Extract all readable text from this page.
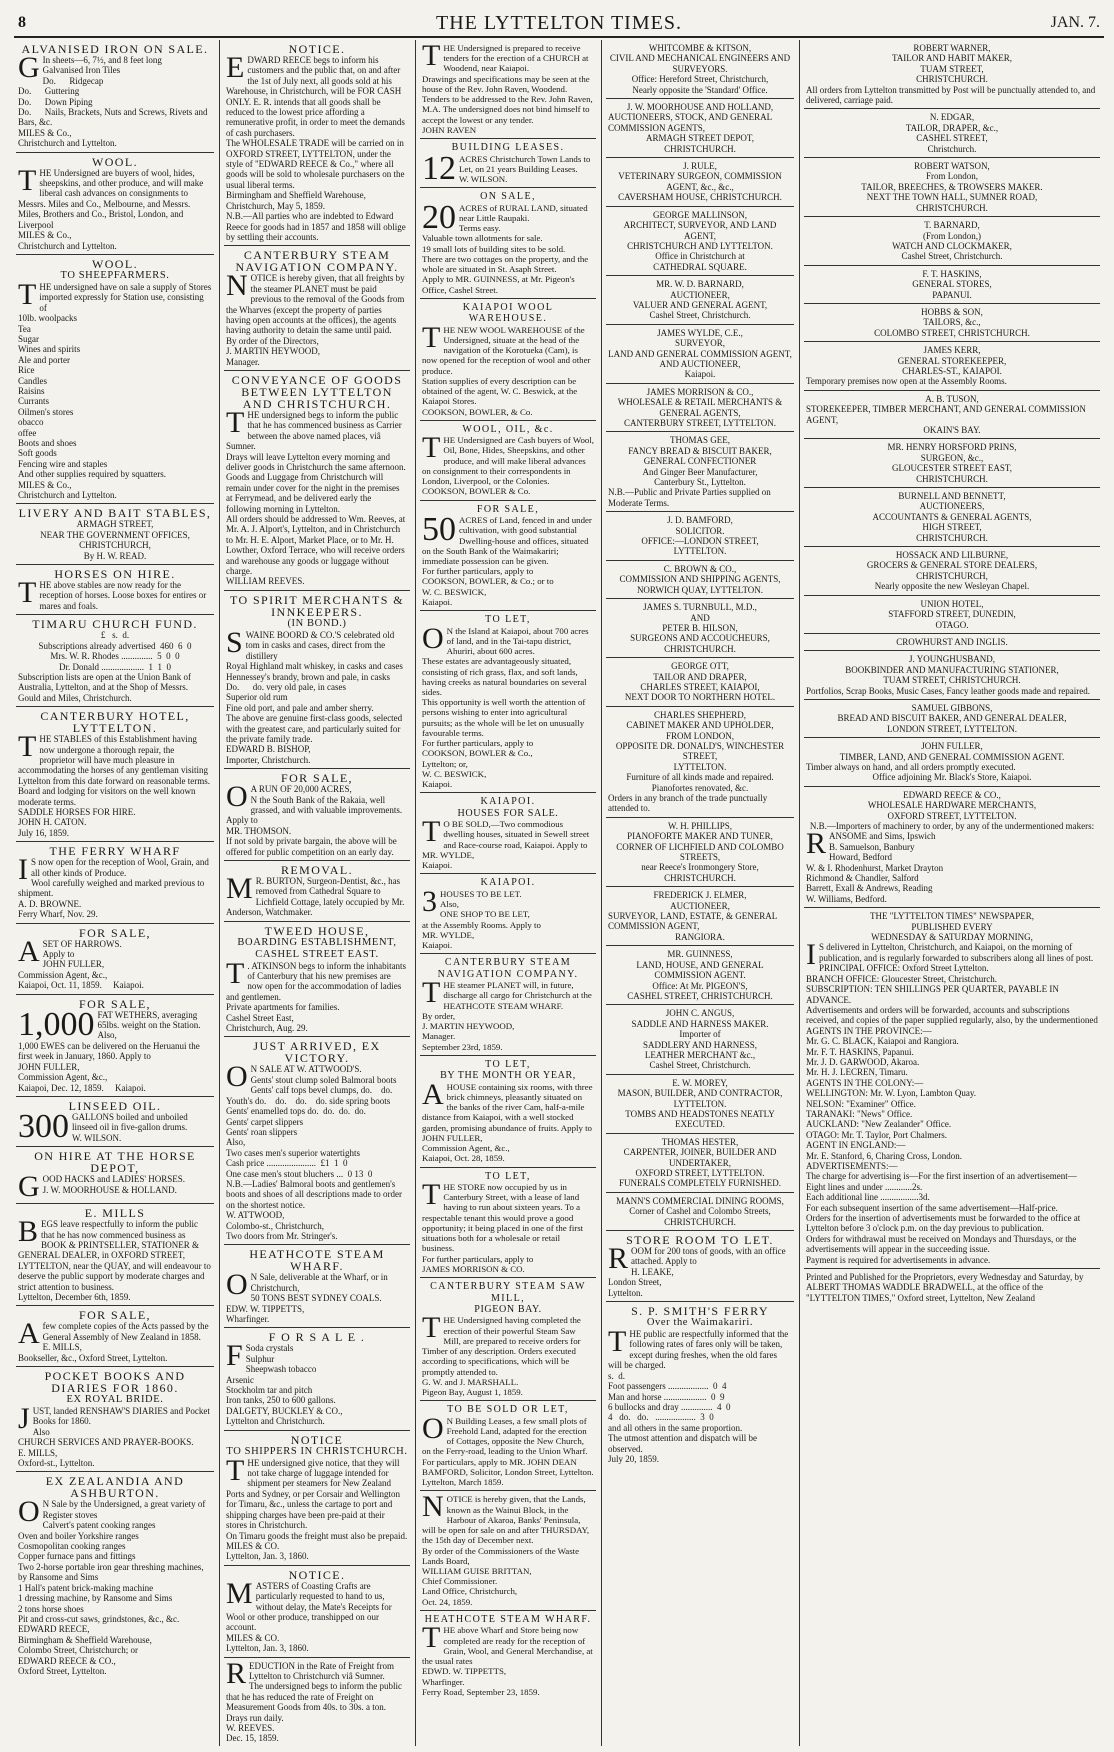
8	THE LYTTELTON TIMES.	JAN. 7.
ALVANISED IRON ON SALE.

G In sheets—6, 7½, and 8 feet long

Galvanised Iron Tiles

Do.      Ridgecap

Do.      Guttering

Do.      Down Piping

Do.      Nails, Brackets, Nuts and Screws, Rivets and Bars, &c.

MILES & Co.,

Christchurch and Lyttelton.

WOOL.

THE Undersigned are buyers of wool, hides, sheepskins, and other produce, and will make liberal cash advances on consignments to Messrs. Miles and Co., Melbourne, and Messrs. Miles, Brothers and Co., Bristol, London, and Liverpool

MILES & Co.,

Christchurch and Lyttelton.

WOOL.
TO SHEEPFARMERS.

THE undersigned have on sale a supply of Stores imported expressly for Station use, consisting of

10lb. woolpacks

Tea

Sugar

Wines and spirits

Ale and porter

Rice

Candles

Raisins

Currants

Oilmen's stores

obacco

offee

Boots and shoes

Soft goods

Fencing wire and staples

And other supplies required by squatters.

MILES & Co.,

Christchurch and Lyttelton.

LIVERY AND BAIT STABLES,

ARMAGH STREET,

NEAR THE GOVERNMENT OFFICES,

CHRISTCHURCH,

By H. W. READ.

HORSES ON HIRE.

THE above stables are now ready for the reception of horses. Loose boxes for entires or mares and foals.

TIMARU CHURCH FUND.

£   s.  d.

Subscriptions already advertised  460  6  0

Mrs. W. R. Rhodes ..............  5  0  0

Dr. Donald ...................  1  1  0

Subscription lists are open at the Union Bank of Australia, Lyttelton, and at the Shop of Messrs. Gould and Miles, Christchurch.

CANTERBURY HOTEL, LYTTELTON.

THE STABLES of this Establishment having now undergone a thorough repair, the proprietor will have much pleasure in accommodating the horses of any gentleman visiting Lyttelton from this date forward on reasonable terms. Board and lodging for visitors on the well known moderate terms.

SADDLE HORSES FOR HIRE.

JOHN H. CATON.

July 16, 1859.

THE FERRY WHARF

I S now open for the reception of Wool, Grain, and all other kinds of Produce.

Wool carefully weighed and marked previous to shipment.

A. D. BROWNE.

Ferry Wharf, Nov. 29.

FOR SALE,

ASET OF HARROWS.

Apply to

JOHN FULLER,

Commission Agent, &c.,

Kaiapoi, Oct. 11, 1859.     Kaiapoi.

FOR SALE,

1,000 FAT WETHERS, averaging 65lbs. weight on the Station.

Also,

1,000 EWES can be delivered on the Heruanui the first week in January, 1860. Apply to

JOHN FULLER,

Commission Agent, &c.,

Kaiapoi, Dec. 12, 1859.     Kaiapoi.

LINSEED OIL.

300 GALLONS boiled and unboiled linseed oil in five-gallon drums.

W. WILSON.

ON HIRE AT THE HORSE DEPOT,

GOOD HACKS and LADIES' HORSES.

J. W. MOORHOUSE & HOLLAND.

E. MILLS

BEGS leave respectfully to inform the public that he has now commenced business as BOOK & PRINTSELLER, STATIONER & GENERAL DEALER, in OXFORD STREET, LYTTELTON, near the QUAY, and will endeavour to deserve the public support by moderate charges and strict attention to business.

Lyttelton, December 6th, 1859.

FOR SALE,

Afew complete copies of the Acts passed by the General Assembly of New Zealand in 1858.

E. MILLS,

Bookseller, &c., Oxford Street, Lyttelton.

POCKET BOOKS AND DIARIES FOR 1860.
EX ROYAL BRIDE.

JUST, landed RENSHAW'S DIARIES and Pocket Books for 1860.

Also

CHURCH SERVICES AND PRAYER-BOOKS.

E. MILLS,

Oxford-st., Lyttelton.

EX ZEALANDIA AND ASHBURTON.

O N Sale by the Undersigned, a great variety of

Register stoves

Calvert's patent cooking ranges

Oven and boiler Yorkshire ranges

Cosmopolitan cooking ranges

Copper furnace pans and fittings

Two 2-horse portable iron gear threshing machines, by Ransome and Sims

1 Hall's patent brick-making machine

1 dressing machine, by Ransome and Sims

2 tons horse shoes

Pit and cross-cut saws, grindstones, &c., &c.

EDWARD REECE,

Birmingham & Sheffield Warehouse,

Colombo Street, Christchurch; or

EDWARD REECE & CO.,

Oxford Street, Lyttelton.

NOTICE.

EDWARD REECE begs to inform his customers and the public that, on and after the 1st of July next, all goods sold at his Warehouse, in Christchurch, will be FOR CASH ONLY. E. R. intends that all goods shall be reduced to the lowest price affording a remunerative profit, in order to meet the demands of cash purchasers.

The WHOLESALE TRADE will be carried on in OXFORD STREET, LYTTELTON, under the style of "EDWARD REECE & Co.," where all goods will be sold to wholesale purchasers on the usual liberal terms.

Birmingham and Sheffield Warehouse,

Christchurch, May 5, 1859.

N.B.—All parties who are indebted to Edward Reece for goods had in 1857 and 1858 will oblige by settling their accounts.

CANTERBURY STEAM NAVIGATION COMPANY.

NOTICE is hereby given, that all freights by the steamer PLANET must be paid previous to the removal of the Goods from the Wharves (except the property of parties having open accounts at the offices), the agents having authority to detain the same until paid.

By order of the Directors,

J. MARTIN HEYWOOD,

Manager.

CONVEYANCE OF GOODS BETWEEN LYTTELTON AND CHRISTCHURCH.

THE undersigned begs to inform the public that he has commenced business as Carrier between the above named places, viâ Sumner.

Drays will leave Lyttelton every morning and deliver goods in Christchurch the same afternoon.

Goods and Luggage from Christchurch will remain under cover for the night in the premises at Ferrymead, and be delivered early the following morning in Lyttelton.

All orders should be addressed to Wm. Reeves, at Mr. A. J. Alport's, Lyttelton, and in Christchurch to Mr. H. E. Alport, Market Place, or to Mr. H. Lowther, Oxford Terrace, who will receive orders and warehouse any goods or luggage without charge.

WILLIAM REEVES.

TO SPIRIT MERCHANTS & INNKEEPERS.
(IN BOND.)

SWAINE BOORD & CO.'S celebrated old tom in casks and cases, direct from the distillery

Royal Highland malt whiskey, in casks and cases

Hennessey's brandy, brown and pale, in casks

Do.      do. very old pale, in cases

Superior old rum

Fine old port, and pale and amber sherry.

The above are genuine first-class goods, selected with the greatest care, and particularly suited for the private family trade.

EDWARD B. BISHOP,

Importer, Christchurch.

FOR SALE,

O A RUN OF 20,000 ACRES,

N the South Bank of the Rakaia, well grassed, and with valuable improvements. Apply to

MR. THOMSON.

If not sold by private bargain, the above will be offered for public competition on an early day.

REMOVAL.

M R. BURTON, Surgeon-Dentist, &c., has removed from Cathedral Square to Lichfield Cottage, lately occupied by Mr. Anderson, Watchmaker.

TWEED HOUSE,
BOARDING ESTABLISHMENT, CASHEL STREET EAST.

T . ATKINSON begs to inform the inhabitants of Canterbury that his new premises are now open for the accommodation of ladies and gentlemen.

Private apartments for families.

Cashel Street East,

Christchurch, Aug. 29.

JUST ARRIVED, EX VICTORY.

O N SALE AT W. ATTWOOD'S.

Gents' stout clump soled Balmoral boots

Gents' calf tops bevel clumps, do.    do.

Youth's do.    do.    do.    do. side spring boots

Gents' enamelled tops do.  do.  do.  do.

Gents' carpet slippers

Gents' roan slippers

Also,

Two cases men's superior watertights

Cash price ......................  £1  1  0

One case men's stout bluchers ...  0 13  0

N.B.—Ladies' Balmoral boots and gentlemen's boots and shoes of all descriptions made to order on the shortest notice.

W. ATTWOOD,

Colombo-st., Christchurch,

Two doors from Mr. Stringer's.

HEATHCOTE STEAM WHARF.

O N Sale, deliverable at the Wharf, or in Christchurch,

50 TONS BEST SYDNEY COALS.

EDW. W. TIPPETTS,

Wharfinger.

F O R S A L E .

F Soda crystals

Sulphur

Sheepwash tobacco

Arsenic

Stockholm tar and pitch

Iron tanks, 250 to 600 gallons.

DALGETY, BUCKLEY & CO.,

Lyttelton and Christchurch.

NOTICE
TO SHIPPERS IN CHRISTCHURCH.

THE undersigned give notice, that they will not take charge of luggage intended for shipment per steamers for New Zealand Ports and Sydney, or per Corsair and Wellington for Timaru, &c., unless the cartage to port and shipping charges have been pre-paid at their stores in Christchurch.

On Timaru goods the freight must also be prepaid.

MILES & CO.

Lyttelton, Jan. 3, 1860.

NOTICE.

MASTERS of Coasting Crafts are particularly requested to hand to us, without delay, the Mate's Receipts for Wool or other produce, transhipped on our account.

MILES & CO.

Lyttelton, Jan. 3, 1860.

REDUCTION in the Rate of Freight from Lyttelton to Christchurch viâ Sumner.

The undersigned begs to inform the public that he has reduced the rate of Freight on Measurement Goods from 40s. to 30s. a ton. Drays run daily.

W. REEVES.

Dec. 15, 1859.

THE Undersigned is prepared to receive tenders for the erection of a CHURCH at Woodend, near Kaiapoi.

Drawings and specifications may be seen at the house of the Rev. John Raven, Woodend. Tenders to be addressed to the Rev. John Raven, M.A. The undersigned does not bind himself to accept the lowest or any tender.

JOHN RAVEN

BUILDING LEASES.

12 ACRES Christchurch Town Lands to Let, on 21 years Building Leases.

W. WILSON.

ON SALE,

20 ACRES of RURAL LAND, situated near Little Raupaki.

Terms easy.

Valuable town allotments for sale.

19 small lots of building sites to be sold.

There are two cottages on the property, and the whole are situated in St. Asaph Street.

Apply to MR. GUINNESS, at Mr. Pigeon's Office, Cashel Street.

KAIAPOI WOOL WAREHOUSE.

THE NEW WOOL WAREHOUSE of the Undersigned, situate at the head of the navigation of the Korotueka (Cam), is now opened for the reception of wool and other produce.

Station supplies of every description can be obtained of the agent, W. C. Beswick, at the Kaiapoi Stores.

COOKSON, BOWLER, & Co.

WOOL, OIL, &c.

THE Undersigned are Cash buyers of Wool, Oil, Bone, Hides, Sheepskins, and other produce, and will make liberal advances on consignment to their correspondents in London, Liverpool, or the Colonies.

COOKSON, BOWLER & Co.

FOR SALE,

50 ACRES of Land, fenced in and under cultivation, with good substantial Dwelling-house and offices, situated on the South Bank of the Waimakariri; immediate possession can be given.

For further particulars, apply to

COOKSON, BOWLER, & Co.; or to

W. C. BESWICK,

Kaiapoi.

TO LET,

O N the Island at Kaiapoi, about 700 acres of land, and in the Tai-tapu district, Ahuriri, about 600 acres.

These estates are advantageously situated, consisting of rich grass, flax, and soft lands, having creeks as natural boundaries on several sides.

This opportunity is well worth the attention of persons wishing to enter into agricultural pursuits; as the whole will be let on unusually favourable terms.

For further particulars, apply to

COOKSON, BOWLER & Co.,

Lyttelton; or,

W. C. BESWICK,

Kaiapoi.

KAIAPOI.
HOUSES FOR SALE.

T O BE SOLD,—Two commodious dwelling houses, situated in Sewell street and Race-course road, Kaiapoi. Apply to

MR. WYLDE,

Kaiapoi.

KAIAPOI.

3 HOUSES TO BE LET.

Also,

ONE SHOP TO BE LET,

at the Assembly Rooms. Apply to

MR. WYLDE,

Kaiapoi.

CANTERBURY STEAM NAVIGATION COMPANY.

THE steamer PLANET will, in future, discharge all cargo for Christchurch at the HEATHCOTE STEAM WHARF.

By order,

J. MARTIN HEYWOOD,

Manager.

September 23rd, 1859.

TO LET,
BY THE MONTH OR YEAR,

AHOUSE containing six rooms, with three brick chimneys, pleasantly situated on the banks of the river Cam, half-a-mile distance from Kaiapoi, with a well stocked garden, promising abundance of fruits. Apply to

JOHN FULLER,

Commission Agent, &c.,

Kaiapoi, Oct. 28, 1859.

TO LET,

THE STORE now occupied by us in Canterbury Street, with a lease of land having to run about sixteen years. To a respectable tenant this would prove a good opportunity; it being placed in one of the first situations both for a wholesale or retail business.

For further particulars, apply to

JAMES MORRISON & CO.

CANTERBURY STEAM SAW MILL,
PIGEON BAY.

THE Undersigned having completed the erection of their powerful Steam Saw Mill, are prepared to receive orders for Timber of any description. Orders executed according to specifications, which will be promptly attended to.

G. W. and J. MARSHALL.

Pigeon Bay, August 1, 1859.

TO BE SOLD OR LET,

O N Building Leases, a few small plots of Freehold Land, adapted for the erection of Cottages, opposite the New Church, on the Ferry-road, leading to the Union Wharf.

For particulars, apply to MR. JOHN DEAN BAMFORD, Solicitor, London Street, Lyttelton.

Lyttelton, March 1859.

NOTICE is hereby given, that the Lands, known as the Wainui Block, in the Harbour of Akaroa, Banks' Peninsula, will be open for sale on and after THURSDAY, the 15th day of December next.

By order of the Commissioners of the Waste Lands Board,

WILLIAM GUISE BRITTAN,

Chief Commissioner.

Land Office, Christchurch,

Oct. 24, 1859.

HEATHCOTE STEAM WHARF.

THE above Wharf and Store being now completed are ready for the reception of Grain, Wool, and General Merchandise, at the usual rates

EDWD. W. TIPPETTS,

Wharfinger.

Ferry Road, September 23, 1859.

WHITCOMBE & KITSON,

CIVIL AND MECHANICAL ENGINEERS AND SURVEYORS.

Office: Hereford Street, Christchurch,

Nearly opposite the 'Standard' Office.

J. W. MOORHOUSE AND HOLLAND,

AUCTIONEERS, STOCK, AND GENERAL COMMISSION AGENTS,

ARMAGH STREET DEPOT,

CHRISTCHURCH.

J. RULE,

VETERINARY SURGEON, COMMISSION AGENT, &c., &c.,

CAVERSHAM HOUSE, CHRISTCHURCH.

GEORGE MALLINSON,

ARCHITECT, SURVEYOR, AND LAND AGENT,

CHRISTCHURCH AND LYTTELTON.

Office in Christchurch at

CATHEDRAL SQUARE.

MR. W. D. BARNARD,

AUCTIONEER,

VALUER AND GENERAL AGENT,

Cashel Street, Christchurch.

JAMES WYLDE, C.E.,

SURVEYOR,

LAND AND GENERAL COMMISSION AGENT,

AND AUCTIONEER,

Kaiapoi.

JAMES MORRISON & CO.,

WHOLESALE & RETAIL MERCHANTS & GENERAL AGENTS,

CANTERBURY STREET, LYTTELTON.

THOMAS GEE,

FANCY BREAD & BISCUIT BAKER,

GENERAL CONFECTIONER

And Ginger Beer Manufacturer,

Canterbury St., Lyttelton.

N.B.—Public and Private Parties supplied on Moderate Terms.

J. D. BAMFORD,

SOLICITOR.

OFFICE:—LONDON STREET,

LYTTELTON.

C. BROWN & CO.,

COMMISSION AND SHIPPING AGENTS,

NORWICH QUAY, LYTTELTON.

JAMES S. TURNBULL, M.D.,

AND

PETER B. HILSON,

SURGEONS AND ACCOUCHEURS,

CHRISTCHURCH.

GEORGE OTT,

TAILOR AND DRAPER,

CHARLES STREET, KAIAPOI,

NEXT DOOR TO NORTHERN HOTEL.

CHARLES SHEPHERD,

CABINET MAKER AND UPHOLDER,

FROM LONDON,

OPPOSITE DR. DONALD'S, WINCHESTER STREET,

LYTTELTON.

Furniture of all kinds made and repaired.

Pianofortes renovated, &c.

Orders in any branch of the trade punctually attended to.

W. H. PHILLIPS,

PIANOFORTE MAKER AND TUNER,

CORNER OF LICHFIELD AND COLOMBO STREETS,

near Reece's Ironmongery Store,

CHRISTCHURCH.

FREDERICK J. ELMER,

AUCTIONEER,

SURVEYOR, LAND, ESTATE, & GENERAL COMMISSION AGENT,

RANGIORA.

MR. GUINNESS,

LAND, HOUSE, AND GENERAL COMMISSION AGENT.

Office: At Mr. PIGEON'S,

CASHEL STREET, CHRISTCHURCH.

JOHN C. ANGUS,

SADDLE AND HARNESS MAKER.

Importer of

SADDLERY AND HARNESS,

LEATHER MERCHANT &c.,

Cashel Street, Christchurch.

E. W. MOREY,

MASON, BUILDER, AND CONTRACTOR,

LYTTELTON.

TOMBS AND HEADSTONES NEATLY EXECUTED.

THOMAS HESTER,

CARPENTER, JOINER, BUILDER AND UNDERTAKER,

OXFORD STREET, LYTTELTON.

FUNERALS COMPLETELY FURNISHED.

MANN'S COMMERCIAL DINING ROOMS,

Corner of Cashel and Colombo Streets,

CHRISTCHURCH.

STORE ROOM TO LET.

ROOM for 200 tons of goods, with an office attached. Apply to

H. LEAKE,

London Street,

Lyttelton.

S. P. SMITH'S FERRY
Over the Waimakariri.

THE public are respectfully informed that the following rates of fares only will be taken, except during freshes, when the old fares will be charged.

s.  d.

Foot passengers ..................  0  4

Man and horse ...................  0  9

6 bullocks and dray ..............  4  0

4   do.   do.   ..................  3  0

and all others in the same proportion.

The utmost attention and dispatch will be observed.

July 20, 1859.

ROBERT WARNER,

TAILOR AND HABIT MAKER,

TUAM STREET,

CHRISTCHURCH.

All orders from Lyttelton transmitted by Post will be punctually attended to, and delivered, carriage paid.

N. EDGAR,

TAILOR, DRAPER, &c.,

CASHEL STREET,

Christchurch.

ROBERT WATSON,

From London,

TAILOR, BREECHES, & TROWSERS MAKER.

NEXT THE TOWN HALL, SUMNER ROAD,

CHRISTCHURCH.

T. BARNARD,

(From London,)

WATCH AND CLOCKMAKER,

Cashel Street, Christchurch.

F. T. HASKINS,

GENERAL STORES,

PAPANUI.

HOBBS & SON,

TAILORS, &c.,

COLOMBO STREET, CHRISTCHURCH.

JAMES KERR,

GENERAL STOREKEEPER,

CHARLES-ST., KAIAPOI.

Temporary premises now open at the Assembly Rooms.

A. B. TUSON,

STOREKEEPER, TIMBER MERCHANT, AND GENERAL COMMISSION AGENT,

OKAIN'S BAY.

MR. HENRY HORSFORD PRINS,

SURGEON, &c.,

GLOUCESTER STREET EAST,

CHRISTCHURCH.

BURNELL AND BENNETT,

AUCTIONEERS,

ACCOUNTANTS & GENERAL AGENTS,

HIGH STREET,

CHRISTCHURCH.

HOSSACK AND LILBURNE,

GROCERS & GENERAL STORE DEALERS,

CHRISTCHURCH,

Nearly opposite the new Wesleyan Chapel.

UNION HOTEL,

STAFFORD STREET, DUNEDIN,

OTAGO.

CROWHURST AND INGLIS.

J. YOUNGHUSBAND,

BOOKBINDER AND MANUFACTURING STATIONER,

TUAM STREET, CHRISTCHURCH.

Portfolios, Scrap Books, Music Cases, Fancy leather goods made and repaired.

SAMUEL GIBBONS,

BREAD AND BISCUIT BAKER, AND GENERAL DEALER,

LONDON STREET, LYTTELTON.

JOHN FULLER,

TIMBER, LAND, AND GENERAL COMMISSION AGENT.

Timber always on hand, and all orders promptly executed.

Office adjoining Mr. Black's Store, Kaiapoi.

EDWARD REECE & CO.,

WHOLESALE HARDWARE MERCHANTS,

OXFORD STREET, LYTTELTON.

N.B.—Importers of machinery to order, by any of the undermentioned makers:

RANSOME and Sims, Ipswich

B. Samuelson, Banbury

Howard, Bedford

W. & I. Rhodenhurst, Market Drayton

Richmond & Chandler, Salford

Barrett, Exall & Andrews, Reading

W. Williams, Bedford.

THE "LYTTELTON TIMES" NEWSPAPER,

PUBLISHED EVERY

WEDNESDAY & SATURDAY MORNING,

I S delivered in Lyttelton, Christchurch, and Kaiapoi, on the morning of publication, and is regularly forwarded to subscribers along all lines of post.

PRINCIPAL OFFICE: Oxford Street Lyttelton.

BRANCH OFFICE: Gloucester Street, Christchurch.

SUBSCRIPTION: TEN SHILLINGS PER QUARTER, PAYABLE IN ADVANCE.

Advertisements and orders will be forwarded, accounts and subscriptions received, and copies of the paper supplied regularly, also, by the undermentioned

AGENTS IN THE PROVINCE:—

Mr. G. C. BLACK, Kaiapoi and Rangiora.

Mr. F. T. HASKINS, Papanui.

Mr. J. D. GARWOOD, Akaroa.

Mr. H. J. LECREN, Timaru.

AGENTS IN THE COLONY:—

WELLINGTON: Mr. W. Lyon, Lambton Quay.

NELSON: "Examiner" Office.

TARANAKI: "News" Office.

AUCKLAND: "New Zealander" Office.

OTAGO: Mr. T. Taylor, Port Chalmers.

AGENT IN ENGLAND:—

Mr. E. Stanford, 6, Charing Cross, London.

ADVERTISEMENTS:—

The charge for advertising is—For the first insertion of an advertisement—

Eight lines and under ............2s.

Each additional line .................3d.

For each subsequent insertion of the same advertisement—Half-price.

Orders for the insertion of advertisements must be forwarded to the office at Lyttelton before 3 o'clock p.m. on the day previous to publication.

Orders for withdrawal must be received on Mondays and Thursdays, or the advertisements will appear in the succeeding issue.

Payment is required for advertisements in advance.

Printed and Published for the Proprietors, every Wednesday and Saturday, by ALBERT THOMAS WADDLE BRADWELL, at the office of the "LYTTELTON TIMES," Oxford street, Lyttelton, New Zealand
